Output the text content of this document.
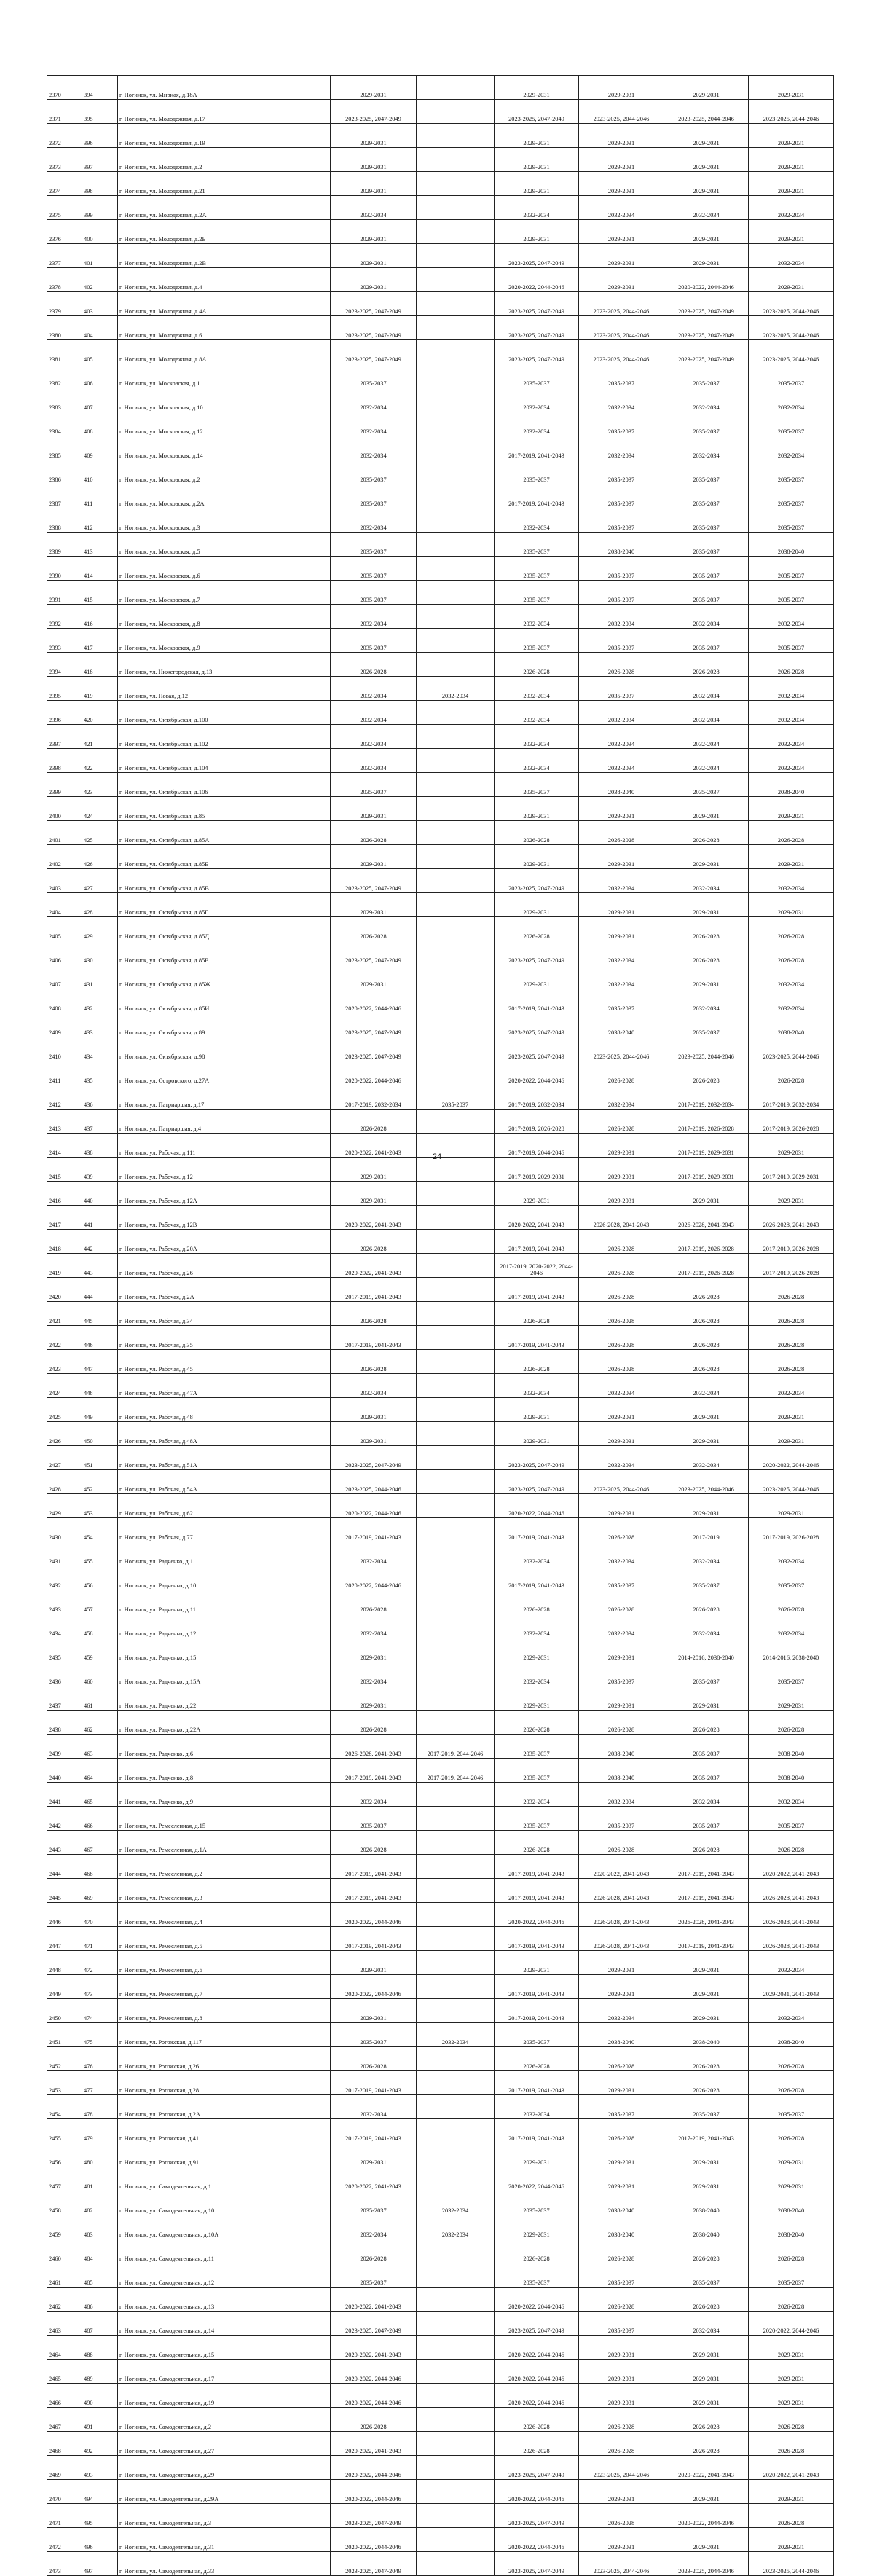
2370	394	г. Ногинск, ул. Мирная, д.18А	2029-2031		2029-2031	2029-2031	2029-2031	2029-2031
2371	395	г. Ногинск, ул. Молодежная, д.17	2023-2025, 2047-2049		2023-2025, 2047-2049	2023-2025, 2044-2046	2023-2025, 2044-2046	2023-2025, 2044-2046
2372	396	г. Ногинск, ул. Молодежная, д.19	2029-2031		2029-2031	2029-2031	2029-2031	2029-2031
2373	397	г. Ногинск, ул. Молодежная, д.2	2029-2031		2029-2031	2029-2031	2029-2031	2029-2031
2374	398	г. Ногинск, ул. Молодежная, д.21	2029-2031		2029-2031	2029-2031	2029-2031	2029-2031
2375	399	г. Ногинск, ул. Молодежная, д.2А	2032-2034		2032-2034	2032-2034	2032-2034	2032-2034
2376	400	г. Ногинск, ул. Молодежная, д.2Б	2029-2031		2029-2031	2029-2031	2029-2031	2029-2031
2377	401	г. Ногинск, ул. Молодежная, д.2В	2029-2031		2023-2025, 2047-2049	2029-2031	2029-2031	2032-2034
2378	402	г. Ногинск, ул. Молодежная, д.4	2029-2031		2020-2022, 2044-2046	2029-2031	2020-2022, 2044-2046	2029-2031
2379	403	г. Ногинск, ул. Молодежная, д.4А	2023-2025, 2047-2049		2023-2025, 2047-2049	2023-2025, 2044-2046	2023-2025, 2047-2049	2023-2025, 2044-2046
2380	404	г. Ногинск, ул. Молодежная, д.6	2023-2025, 2047-2049		2023-2025, 2047-2049	2023-2025, 2044-2046	2023-2025, 2047-2049	2023-2025, 2044-2046
2381	405	г. Ногинск, ул. Молодежная, д.8А	2023-2025, 2047-2049		2023-2025, 2047-2049	2023-2025, 2044-2046	2023-2025, 2047-2049	2023-2025, 2044-2046
2382	406	г. Ногинск, ул. Московская, д.1	2035-2037		2035-2037	2035-2037	2035-2037	2035-2037
2383	407	г. Ногинск, ул. Московская, д.10	2032-2034		2032-2034	2032-2034	2032-2034	2032-2034
2384	408	г. Ногинск, ул. Московская, д.12	2032-2034		2032-2034	2035-2037	2035-2037	2035-2037
2385	409	г. Ногинск, ул. Московская, д.14	2032-2034		2017-2019, 2041-2043	2032-2034	2032-2034	2032-2034
2386	410	г. Ногинск, ул. Московская, д.2	2035-2037		2035-2037	2035-2037	2035-2037	2035-2037
2387	411	г. Ногинск, ул. Московская, д.2А	2035-2037		2017-2019, 2041-2043	2035-2037	2035-2037	2035-2037
2388	412	г. Ногинск, ул. Московская, д.3	2032-2034		2032-2034	2035-2037	2035-2037	2035-2037
2389	413	г. Ногинск, ул. Московская, д.5	2035-2037		2035-2037	2038-2040	2035-2037	2038-2040
2390	414	г. Ногинск, ул. Московская, д.6	2035-2037		2035-2037	2035-2037	2035-2037	2035-2037
2391	415	г. Ногинск, ул. Московская, д.7	2035-2037		2035-2037	2035-2037	2035-2037	2035-2037
2392	416	г. Ногинск, ул. Московская, д.8	2032-2034		2032-2034	2032-2034	2032-2034	2032-2034
2393	417	г. Ногинск, ул. Московская, д.9	2035-2037		2035-2037	2035-2037	2035-2037	2035-2037
2394	418	г. Ногинск, ул. Нижегородская, д.13	2026-2028		2026-2028	2026-2028	2026-2028	2026-2028
2395	419	г. Ногинск, ул. Новая, д.12	2032-2034	2032-2034	2032-2034	2035-2037	2032-2034	2032-2034
2396	420	г. Ногинск, ул. Октябрьская, д.100	2032-2034		2032-2034	2032-2034	2032-2034	2032-2034
2397	421	г. Ногинск, ул. Октябрьская, д.102	2032-2034		2032-2034	2032-2034	2032-2034	2032-2034
2398	422	г. Ногинск, ул. Октябрьская, д.104	2032-2034		2032-2034	2032-2034	2032-2034	2032-2034
2399	423	г. Ногинск, ул. Октябрьская, д.106	2035-2037		2035-2037	2038-2040	2035-2037	2038-2040
2400	424	г. Ногинск, ул. Октябрьская, д.85	2029-2031		2029-2031	2029-2031	2029-2031	2029-2031
2401	425	г. Ногинск, ул. Октябрьская, д.85А	2026-2028		2026-2028	2026-2028	2026-2028	2026-2028
2402	426	г. Ногинск, ул. Октябрьская, д.85Б	2029-2031		2029-2031	2029-2031	2029-2031	2029-2031
2403	427	г. Ногинск, ул. Октябрьская, д.85В	2023-2025, 2047-2049		2023-2025, 2047-2049	2032-2034	2032-2034	2032-2034
2404	428	г. Ногинск, ул. Октябрьская, д.85Г	2029-2031		2029-2031	2029-2031	2029-2031	2029-2031
2405	429	г. Ногинск, ул. Октябрьская, д.85Д	2026-2028		2026-2028	2029-2031	2026-2028	2026-2028
2406	430	г. Ногинск, ул. Октябрьская, д.85Е	2023-2025, 2047-2049		2023-2025, 2047-2049	2032-2034	2026-2028	2026-2028
2407	431	г. Ногинск, ул. Октябрьская, д.85Ж	2029-2031		2029-2031	2032-2034	2029-2031	2032-2034
2408	432	г. Ногинск, ул. Октябрьская, д.85И	2020-2022, 2044-2046		2017-2019, 2041-2043	2035-2037	2032-2034	2032-2034
2409	433	г. Ногинск, ул. Октябрьская, д.89	2023-2025, 2047-2049		2023-2025, 2047-2049	2038-2040	2035-2037	2038-2040
2410	434	г. Ногинск, ул. Октябрьская, д.98	2023-2025, 2047-2049		2023-2025, 2047-2049	2023-2025, 2044-2046	2023-2025, 2044-2046	2023-2025, 2044-2046
2411	435	г. Ногинск, ул. Островского, д.27А	2020-2022, 2044-2046		2020-2022, 2044-2046	2026-2028	2026-2028	2026-2028
2412	436	г. Ногинск, ул. Патриаршая, д.17	2017-2019, 2032-2034	2035-2037	2017-2019, 2032-2034	2032-2034	2017-2019, 2032-2034	2017-2019, 2032-2034
2413	437	г. Ногинск, ул. Патриаршая, д.4	2026-2028		2017-2019, 2026-2028	2026-2028	2017-2019, 2026-2028	2017-2019, 2026-2028
2414	438	г. Ногинск, ул. Рабочая, д.111	2020-2022, 2041-2043		2017-2019, 2044-2046	2029-2031	2017-2019, 2029-2031	2029-2031
2415	439	г. Ногинск, ул. Рабочая, д.12	2029-2031		2017-2019, 2029-2031	2029-2031	2017-2019, 2029-2031	2017-2019, 2029-2031
2416	440	г. Ногинск, ул. Рабочая, д.12А	2029-2031		2029-2031	2029-2031	2029-2031	2029-2031
2417	441	г. Ногинск, ул. Рабочая, д.12В	2020-2022, 2041-2043		2020-2022, 2041-2043	2026-2028, 2041-2043	2026-2028, 2041-2043	2026-2028, 2041-2043
2418	442	г. Ногинск, ул. Рабочая, д.20А	2026-2028		2017-2019, 2041-2043	2026-2028	2017-2019, 2026-2028	2017-2019, 2026-2028
2419	443	г. Ногинск, ул. Рабочая, д.26	2020-2022, 2041-2043		2017-2019, 2020-2022, 2044-2046	2026-2028	2017-2019, 2026-2028	2017-2019, 2026-2028
2420	444	г. Ногинск, ул. Рабочая, д.2А	2017-2019, 2041-2043		2017-2019, 2041-2043	2026-2028	2026-2028	2026-2028
2421	445	г. Ногинск, ул. Рабочая, д.34	2026-2028		2026-2028	2026-2028	2026-2028	2026-2028
2422	446	г. Ногинск, ул. Рабочая, д.35	2017-2019, 2041-2043		2017-2019, 2041-2043	2026-2028	2026-2028	2026-2028
2423	447	г. Ногинск, ул. Рабочая, д.45	2026-2028		2026-2028	2026-2028	2026-2028	2026-2028
2424	448	г. Ногинск, ул. Рабочая, д.47А	2032-2034		2032-2034	2032-2034	2032-2034	2032-2034
2425	449	г. Ногинск, ул. Рабочая, д.48	2029-2031		2029-2031	2029-2031	2029-2031	2029-2031
2426	450	г. Ногинск, ул. Рабочая, д.48А	2029-2031		2029-2031	2029-2031	2029-2031	2029-2031
2427	451	г. Ногинск, ул. Рабочая, д.51А	2023-2025, 2047-2049		2023-2025, 2047-2049	2032-2034	2032-2034	2020-2022, 2044-2046
2428	452	г. Ногинск, ул. Рабочая, д.54А	2023-2025, 2044-2046		2023-2025, 2047-2049	2023-2025, 2044-2046	2023-2025, 2044-2046	2023-2025, 2044-2046
2429	453	г. Ногинск, ул. Рабочая, д.62	2020-2022, 2044-2046		2020-2022, 2044-2046	2029-2031	2029-2031	2029-2031
2430	454	г. Ногинск, ул. Рабочая, д.77	2017-2019, 2041-2043		2017-2019, 2041-2043	2026-2028	2017-2019	2017-2019, 2026-2028
2431	455	г. Ногинск, ул. Радченко, д.1	2032-2034		2032-2034	2032-2034	2032-2034	2032-2034
2432	456	г. Ногинск, ул. Радченко, д.10	2020-2022, 2044-2046		2017-2019, 2041-2043	2035-2037	2035-2037	2035-2037
2433	457	г. Ногинск, ул. Радченко, д.11	2026-2028		2026-2028	2026-2028	2026-2028	2026-2028
2434	458	г. Ногинск, ул. Радченко, д.12	2032-2034		2032-2034	2032-2034	2032-2034	2032-2034
2435	459	г. Ногинск, ул. Радченко, д.15	2029-2031		2029-2031	2029-2031	2014-2016, 2038-2040	2014-2016, 2038-2040
2436	460	г. Ногинск, ул. Радченко, д.15А	2032-2034		2032-2034	2035-2037	2035-2037	2035-2037
2437	461	г. Ногинск, ул. Радченко, д.22	2029-2031		2029-2031	2029-2031	2029-2031	2029-2031
2438	462	г. Ногинск, ул. Радченко, д.22А	2026-2028		2026-2028	2026-2028	2026-2028	2026-2028
2439	463	г. Ногинск, ул. Радченко, д.6	2026-2028, 2041-2043	2017-2019, 2044-2046	2035-2037	2038-2040	2035-2037	2038-2040
2440	464	г. Ногинск, ул. Радченко, д.8	2017-2019, 2041-2043	2017-2019, 2044-2046	2035-2037	2038-2040	2035-2037	2038-2040
2441	465	г. Ногинск, ул. Радченко, д.9	2032-2034		2032-2034	2032-2034	2032-2034	2032-2034
2442	466	г. Ногинск, ул. Ремесленная, д.15	2035-2037		2035-2037	2035-2037	2035-2037	2035-2037
2443	467	г. Ногинск, ул. Ремесленная, д.1А	2026-2028		2026-2028	2026-2028	2026-2028	2026-2028
2444	468	г. Ногинск, ул. Ремесленная, д.2	2017-2019, 2041-2043		2017-2019, 2041-2043	2020-2022, 2041-2043	2017-2019, 2041-2043	2020-2022, 2041-2043
2445	469	г. Ногинск, ул. Ремесленная, д.3	2017-2019, 2041-2043		2017-2019, 2041-2043	2026-2028, 2041-2043	2017-2019, 2041-2043	2026-2028, 2041-2043
2446	470	г. Ногинск, ул. Ремесленная, д.4	2020-2022, 2044-2046		2020-2022, 2044-2046	2026-2028, 2041-2043	2026-2028, 2041-2043	2026-2028, 2041-2043
2447	471	г. Ногинск, ул. Ремесленная, д.5	2017-2019, 2041-2043		2017-2019, 2041-2043	2026-2028, 2041-2043	2017-2019, 2041-2043	2026-2028, 2041-2043
2448	472	г. Ногинск, ул. Ремесленная, д.6	2029-2031		2029-2031	2029-2031	2029-2031	2032-2034
2449	473	г. Ногинск, ул. Ремесленная, д.7	2020-2022, 2044-2046		2017-2019, 2041-2043	2029-2031	2029-2031	2029-2031, 2041-2043
2450	474	г. Ногинск, ул. Ремесленная, д.8	2029-2031		2017-2019, 2041-2043	2032-2034	2029-2031	2032-2034
2451	475	г. Ногинск, ул. Рогожская, д.117	2035-2037	2032-2034	2035-2037	2038-2040	2038-2040	2038-2040
2452	476	г. Ногинск, ул. Рогожская, д.26	2026-2028		2026-2028	2026-2028	2026-2028	2026-2028
2453	477	г. Ногинск, ул. Рогожская, д.28	2017-2019, 2041-2043		2017-2019, 2041-2043	2029-2031	2026-2028	2026-2028
2454	478	г. Ногинск, ул. Рогожская, д.2А	2032-2034		2032-2034	2035-2037	2035-2037	2035-2037
2455	479	г. Ногинск, ул. Рогожская, д.41	2017-2019, 2041-2043		2017-2019, 2041-2043	2026-2028	2017-2019, 2041-2043	2026-2028
2456	480	г. Ногинск, ул. Рогожская, д.91	2029-2031		2029-2031	2029-2031	2029-2031	2029-2031
2457	481	г. Ногинск, ул. Самодеятельная, д.1	2020-2022, 2041-2043		2020-2022, 2044-2046	2029-2031	2029-2031	2029-2031
2458	482	г. Ногинск, ул. Самодеятельная, д.10	2035-2037	2032-2034	2035-2037	2038-2040	2038-2040	2038-2040
2459	483	г. Ногинск, ул. Самодеятельная, д.10А	2032-2034	2032-2034	2029-2031	2038-2040	2038-2040	2038-2040
2460	484	г. Ногинск, ул. Самодеятельная, д.11	2026-2028		2026-2028	2026-2028	2026-2028	2026-2028
2461	485	г. Ногинск, ул. Самодеятельная, д.12	2035-2037		2035-2037	2035-2037	2035-2037	2035-2037
2462	486	г. Ногинск, ул. Самодеятельная, д.13	2020-2022, 2041-2043		2020-2022, 2044-2046	2026-2028	2026-2028	2026-2028
2463	487	г. Ногинск, ул. Самодеятельная, д.14	2023-2025, 2047-2049		2023-2025, 2047-2049	2035-2037	2032-2034	2020-2022, 2044-2046
2464	488	г. Ногинск, ул. Самодеятельная, д.15	2020-2022, 2041-2043		2020-2022, 2044-2046	2029-2031	2029-2031	2029-2031
2465	489	г. Ногинск, ул. Самодеятельная, д.17	2020-2022, 2044-2046		2020-2022, 2044-2046	2029-2031	2029-2031	2029-2031
2466	490	г. Ногинск, ул. Самодеятельная, д.19	2020-2022, 2044-2046		2020-2022, 2044-2046	2029-2031	2029-2031	2029-2031
2467	491	г. Ногинск, ул. Самодеятельная, д.2	2026-2028		2026-2028	2026-2028	2026-2028	2026-2028
2468	492	г. Ногинск, ул. Самодеятельная, д.27	2020-2022, 2041-2043		2026-2028	2026-2028	2026-2028	2026-2028
2469	493	г. Ногинск, ул. Самодеятельная, д.29	2020-2022, 2044-2046		2023-2025, 2047-2049	2023-2025, 2044-2046	2020-2022, 2041-2043	2020-2022, 2041-2043
2470	494	г. Ногинск, ул. Самодеятельная, д.29А	2020-2022, 2044-2046		2020-2022, 2044-2046	2029-2031	2029-2031	2029-2031
2471	495	г. Ногинск, ул. Самодеятельная, д.3	2023-2025, 2047-2049		2023-2025, 2047-2049	2026-2028	2020-2022, 2044-2046	2026-2028
2472	496	г. Ногинск, ул. Самодеятельная, д.31	2020-2022, 2044-2046		2020-2022, 2044-2046	2029-2031	2029-2031	2029-2031
2473	497	г. Ногинск, ул. Самодеятельная, д.33	2023-2025, 2047-2049		2023-2025, 2047-2049	2023-2025, 2044-2046	2023-2025, 2044-2046	2023-2025, 2044-2046
24
